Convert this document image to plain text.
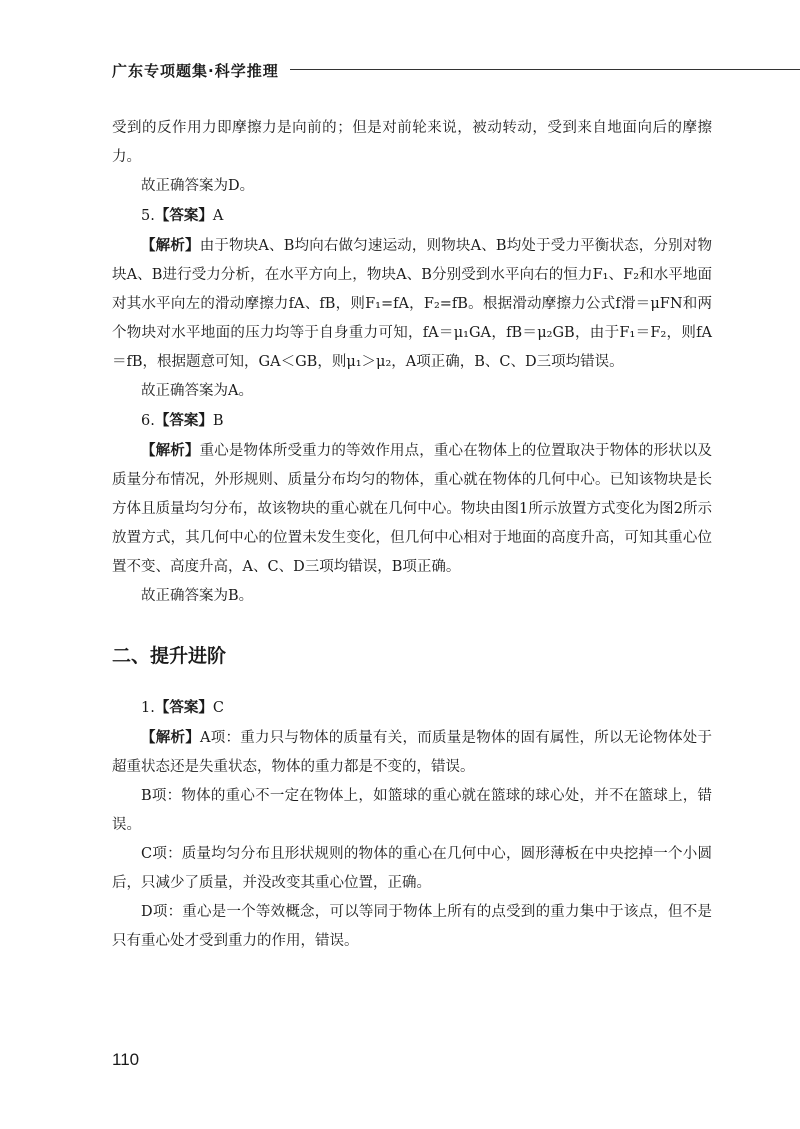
广东专项题集·科学推理

受到的反作用力即摩擦力是向前的；但是对前轮来说，被动转动，受到来自地面向后的摩擦力。

故正确答案为D。

5.【答案】A

【解析】由于物块A、B均向右做匀速运动，则物块A、B均处于受力平衡状态，分别对物块A、B进行受力分析，在水平方向上，物块A、B分别受到水平向右的恒力F₁、F₂和水平地面对其水平向左的滑动摩擦力fA、fB，则F₁=fA，F₂=fB。根据滑动摩擦力公式f滑＝μFN和两个物块对水平地面的压力均等于自身重力可知，fA＝μ₁GA，fB＝μ₂GB，由于F₁＝F₂，则fA＝fB，根据题意可知，GA＜GB，则μ₁＞μ₂，A项正确，B、C、D三项均错误。

故正确答案为A。

6.【答案】B

【解析】重心是物体所受重力的等效作用点，重心在物体上的位置取决于物体的形状以及质量分布情况，外形规则、质量分布均匀的物体，重心就在物体的几何中心。已知该物块是长方体且质量均匀分布，故该物块的重心就在几何中心。物块由图1所示放置方式变化为图2所示放置方式，其几何中心的位置未发生变化，但几何中心相对于地面的高度升高，可知其重心位置不变、高度升高，A、C、D三项均错误，B项正确。

故正确答案为B。

二、提升进阶

1.【答案】C

【解析】A项：重力只与物体的质量有关，而质量是物体的固有属性，所以无论物体处于超重状态还是失重状态，物体的重力都是不变的，错误。

B项：物体的重心不一定在物体上，如篮球的重心就在篮球的球心处，并不在篮球上，错误。

C项：质量均匀分布且形状规则的物体的重心在几何中心，圆形薄板在中央挖掉一个小圆后，只减少了质量，并没改变其重心位置，正确。

D项：重心是一个等效概念，可以等同于物体上所有的点受到的重力集中于该点，但不是只有重心处才受到重力的作用，错误。

110
